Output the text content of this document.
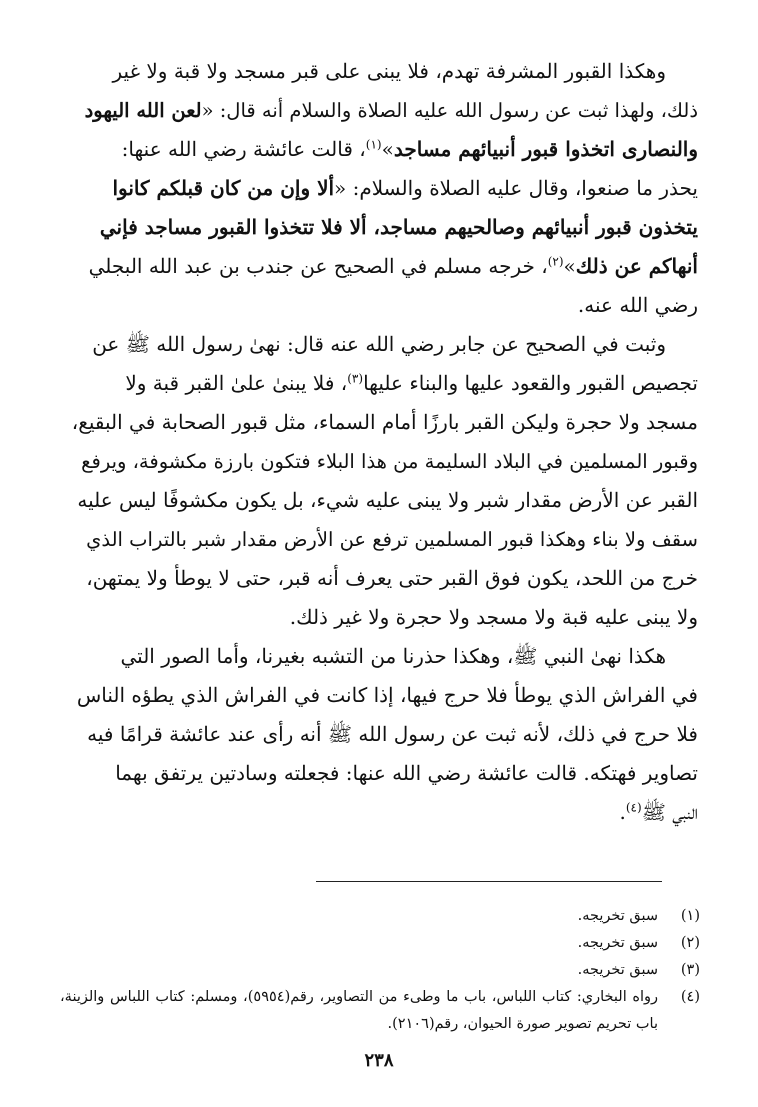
وهكذا القبور المشرفة تهدم، فلا يبنى على قبر مسجد ولا قبة ولا غير
ذلك، ولهذا ثبت عن رسول الله عليه الصلاة والسلام أنه قال: «لعن الله اليهود
والنصارى اتخذوا قبور أنبيائهم مساجد»$^{(١)}$، قالت عائشة رضي الله عنها:
يحذر ما صنعوا، وقال عليه الصلاة والسلام: «ألا وإن من كان قبلكم كانوا
يتخذون قبور أنبيائهم وصالحيهم مساجد، ألا فلا تتخذوا القبور مساجد فإني
أنهاكم عن ذلك»$^{(٢)}$، خرجه مسلم في الصحيح عن جندب بن عبد الله البجلي
رضي الله عنه.
وثبت في الصحيح عن جابر رضي الله عنه قال: نهىٰ رسول الله ﷺ عن
تجصيص القبور والقعود عليها والبناء عليها$^{(٣)}$، فلا يبنىٰ علىٰ القبر قبة ولا
مسجد ولا حجرة وليكن القبر بارزًا أمام السماء، مثل قبور الصحابة في البقيع،
وقبور المسلمين في البلاد السليمة من هذا البلاء فتكون بارزة مكشوفة، ويرفع
القبر عن الأرض مقدار شبر ولا يبنى عليه شيء، بل يكون مكشوفًا ليس عليه
سقف ولا بناء وهكذا قبور المسلمين ترفع عن الأرض مقدار شبر بالتراب الذي
خرج من اللحد، يكون فوق القبر حتى يعرف أنه قبر، حتى لا يوطأ ولا يمتهن،
ولا يبنى عليه قبة ولا مسجد ولا حجرة ولا غير ذلك.
هكذا نهىٰ النبي ﷺ، وهكذا حذرنا من التشبه بغيرنا، وأما الصور التي
في الفراش الذي يوطأ فلا حرج فيها، إذا كانت في الفراش الذي يطؤه الناس
فلا حرج في ذلك، لأنه ثبت عن رسول الله ﷺ أنه رأى عند عائشة قرامًا فيه
تصاوير فهتكه. قالت عائشة رضي الله عنها: فجعلته وسادتين يرتفق بهما
النبي ﷺ$^{(٤)}$.
(١)
سبق تخريجه.
(٢)
سبق تخريجه.
(٣)
سبق تخريجه.
(٤)
رواه البخاري: كتاب اللباس، باب ما وطىء من التصاوير، رقم(٥٩٥٤)، ومسلم: كتاب اللباس والزينة، باب تحريم تصوير صورة الحيوان، رقم(٢١٠٦).
٢٣٨
